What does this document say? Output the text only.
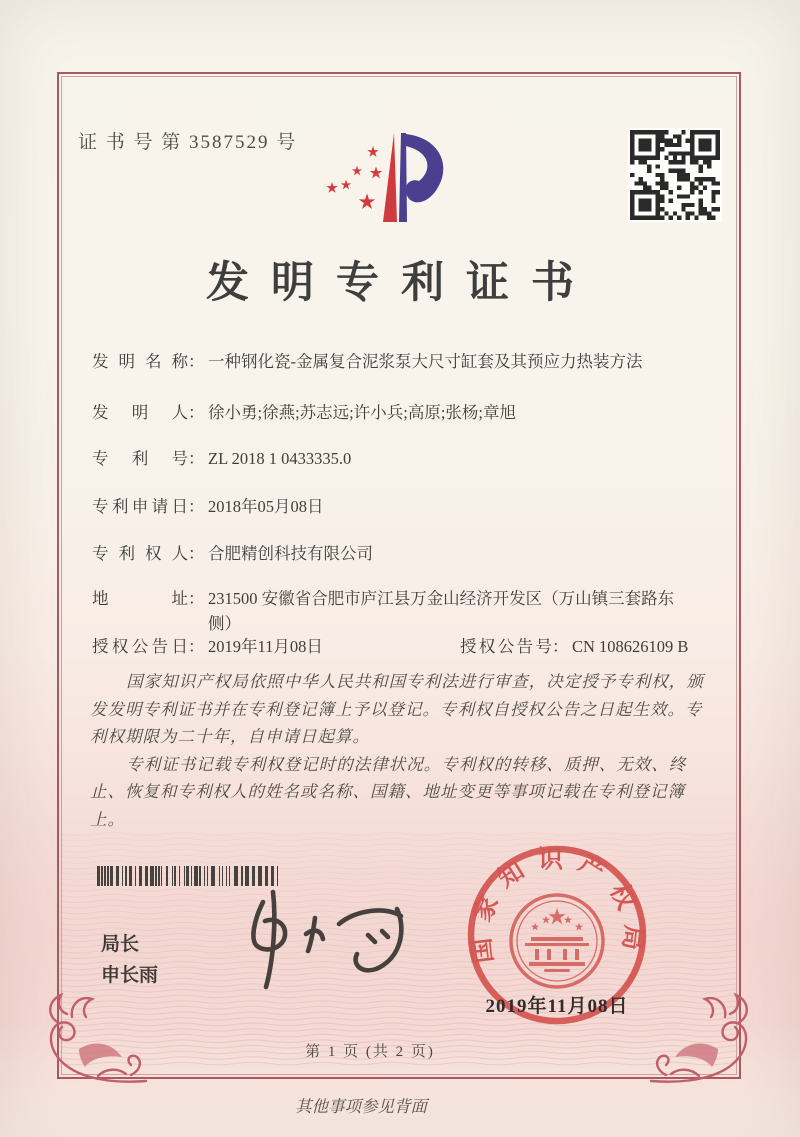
证 书 号 第 3587529 号
发明专利证书
发明名称 ： 一种钢化瓷-金属复合泥浆泵大尺寸缸套及其预应力热装方法
发明人 ： 徐小勇;徐燕;苏志远;许小兵;高原;张杨;章旭
专利号 ： ZL 2018 1 0433335.0
专利申请日 ： 2018年05月08日
专利权人 ： 合肥精创科技有限公司
地址 ： 231500 安徽省合肥市庐江县万金山经济开发区（万山镇三套路东侧）
授权公告日 ： 2019年11月08日	授权公告号 ： CN 108626109 B

国家知识产权局依照中华人民共和国专利法进行审查，决定授予专利权，颁发发明专利证书并在专利登记簿上予以登记。专利权自授权公告之日起生效。专利权期限为二十年，自申请日起算。

专利证书记载专利权登记时的法律状况。专利权的转移、质押、无效、终止、恢复和专利权人的姓名或名称、国籍、地址变更等事项记载在专利登记簿上。

局长
申长雨
国家知识产权局
2019年11月08日
第 1 页 (共 2 页)
其他事项参见背面
